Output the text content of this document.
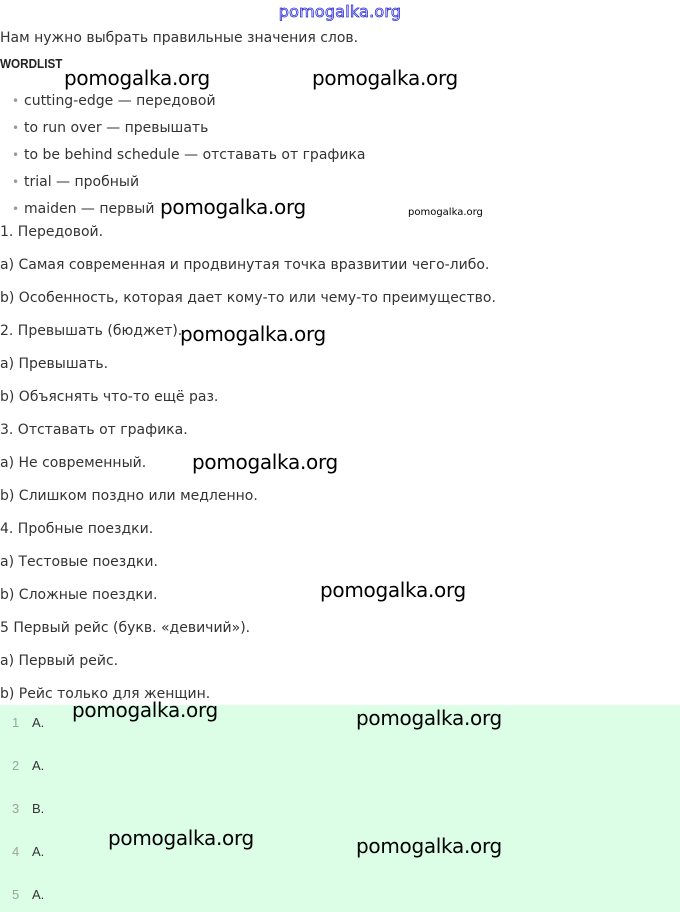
pomogalka.org
Нам нужно выбрать правильные значения слов.
WORDLIST
• cutting-edge — передовой
• to run over — превышать
• to be behind schedule — отставать от графика
• trial — пробный
• maiden — первый
1. Передовой.
a) Самая современная и продвинутая точка вразвитии чего-либо.
b) Особенность, которая дает кому-то или чему-то преимущество.
2. Превышать (бюджет).
a) Превышать.
b) Объяснять что-то ещё раз.
3. Отставать от графика.
a) Не современный.
b) Слишком поздно или медленно.
4. Пробные поездки.
a) Тестовые поездки.
b) Сложные поездки.
5 Первый рейс (букв. «девичий»).
a) Первый рейс.
b) Рейс только для женщин.
1 A.
2 A.
3 B.
4 A.
5 A.
pomogalka.org	pomogalka.org
pomogalka.org	pomogalka.org
pomogalka.org
pomogalka.org
pomogalka.org
pomogalka.org	pomogalka.org
pomogalka.org	pomogalka.org
